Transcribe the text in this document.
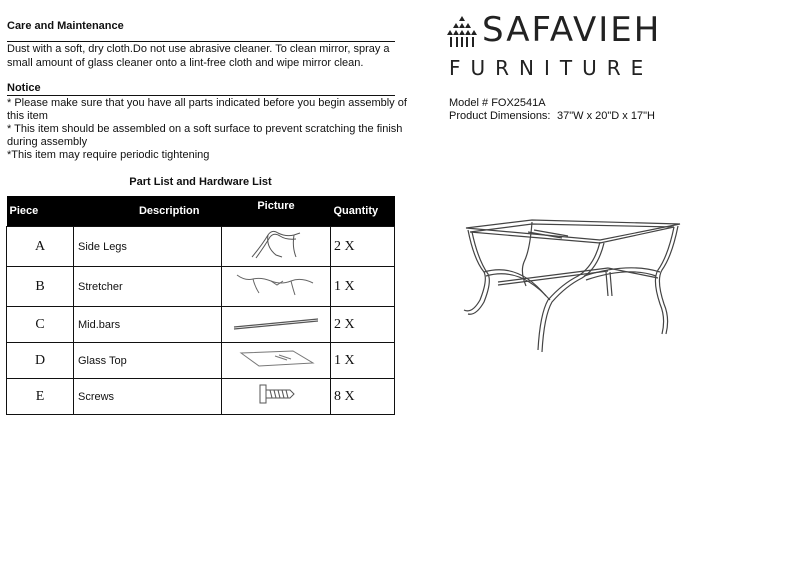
Care and Maintenance
Dust with a soft, dry cloth.Do not use abrasive cleaner. To clean mirror, spray a
small amount of glass cleaner onto a lint-free cloth and wipe mirror clean.
Notice
* Please make sure that you have all parts indicated before you begin assembly of
this item
* This item should be assembled on a soft surface to prevent scratching the finish
during assembly
*This item may require periodic tightening
Part List and Hardware List
Piece	Description	Picture	Quantity
A	Side Legs		2 X
B	Stretcher		1 X
C	Mid.bars		2 X
D	Glass Top		1 X
E	Screws		8 X
SAFAVIEH
FURNITURE
Model # FOX2541A
Product Dimensions: 37"W x 20"D x 17"H
